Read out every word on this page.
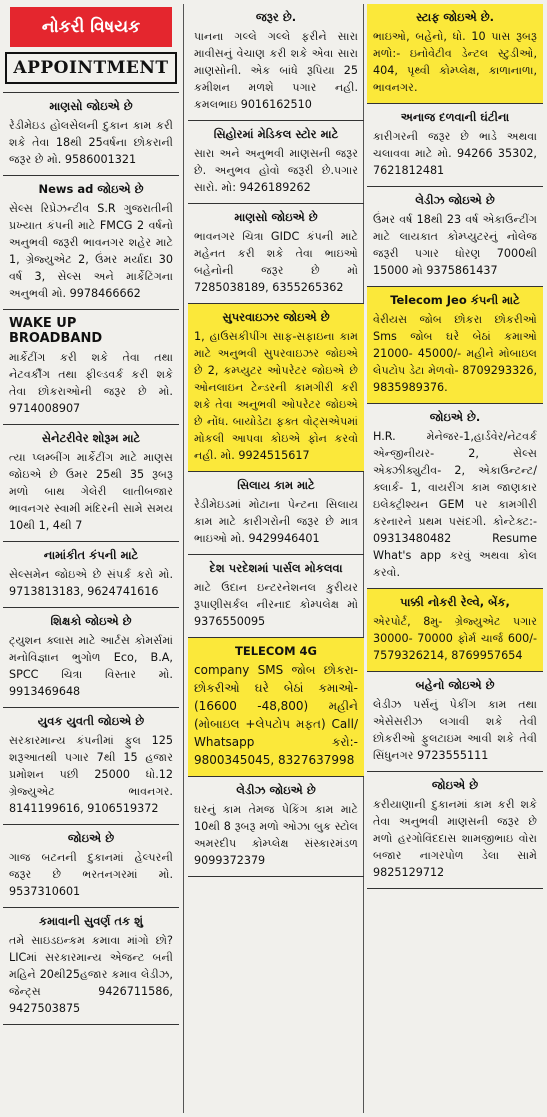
નોકરી વિષયક
APPOINTMENT
માણસો જોઇએ છે
રેડીમેઇડ હોલસેલની દુકાન કામ કરી શકે તેવા 18થી 25વર્ષના છોકરાની જરૂર છે મો. 9586001321
News ad જોઇએ છે
સેલ્સ રિપ્રેઝન્ટીવ S.R ગુજરાતીની પ્રખ્યાત કંપની માટે FMCG 2 વર્ષનો અનુભવી જરૂરી ભાવનગર શહેર માટે 1, ગ્રેજ્યુએટ 2, ઉંમર મર્યાદા 30 વર્ષ 3, સેલ્સ અને માર્કેટિંગના અનુભવી મો. 9978466662
WAKE UP BROADBAND
માર્કેટીંગ કરી શકે તેવા તથા નેટવર્કીંગ તથા ફીલ્ડવર્ક કરી શકે તેવા છોકરાઓની જરૂર છે મો. 9714008907
સેનેટરીવેર શોરૂમ માટે
ત્યા પ્લમ્બીંગ માર્કેટીંગ માટે માણસ જોઇએ છે ઉમર 25થી 35 રૂબરૂ મળો બાથ ગેલેરી લાતીબજાર ભાવનગર સ્વામી મંદિરની સામે સમય 10થી 1, 4થી 7
નામાંકીત કંપની માટે
સેલ્સમેન જોઇએ છે સંપર્ક કરો મો. 9713813183, 9624741616
શિક્ષકો જોઇએ છે
ટ્યુશન ક્લાસ માટે આર્ટસ કોમર્સમાં મનોવિજ્ઞાન ભુગોળ Eco, B.A, SPCC ચિત્રા વિસ્તાર મો. 9913469648
યુવક યુવતી જોઇએ છે
સરકારમાન્ય કંપનીમાં ફુલ 125 શરૂઆતથી પગાર 7થી 15 હજાર પ્રમોશન પછી 25000 ધો.12 ગ્રેજ્યુએટ ભાવનગર. 8141199616, 9106519372
જોઇએ છે
ગાજ બટનની દુકાનમાં હેલ્પરની જરૂર છે ભરતનગરમાં મો. 9537310601
કમાવાની સુવર્ણ તક શું
તમે સાઇડઇન્કમ કમાવા માંગો છો? LICમાં સરકારમાન્ય એજન્ટ બની મહિને 20થી25હજાર કમાવ લેડીઝ, જેન્ટ્સ 9426711586, 9427503875
જરૂર છે.
પાનના ગલ્લે ગલ્લે ફરીને સારા માવીસનું વેચાણ કરી શકે એવા સારા માણસોની. એક બાંધે રૂપિયા 25 કમીશન મળશે પગાર નહી. કમલભાઇ 9016162510
સિહોરમાં મેડિકલ સ્ટોર માટે
સારા અને અનુભવી માણસની જરૂર છે. અનુભવ હોવો જરૂરી છે.પગાર સારો. મો: 9426189262
માણસો જોઇએ છે
ભાવનગર ચિત્રા GIDC કંપની માટે મહેનત કરી શકે તેવા ભાઇઓ બહેનોની જરૂર છે મો 7285038189, 6355265362
સુપરવાઇઝર જોઇએ છે
1, હાઉસકીપીંગ સાફ-સફાઇના કામ માટે અનુભવી સુપરવાઇઝર જોઇએ છે 2, કમ્પ્યુટર ઓપરેટર જોઇએ છે ઓનલાઇન ટેન્ડરની કામગીરી કરી શકે તેવા અનુભવી ઓપરેટર જોઇએ છે નોંધ. બાયોડેટા ફક્ત વોટ્સએપમાં મોકલી આપવા કોઇએ ફોન કરવો નહી. મો. 9924515617
સિલાય કામ માટે
રેડીમેઇડમાં મોટાના પેન્ટના સિલાય કામ માટે કારીગરોની જરૂર છે માત્ર ભાઇઓ મો. 9429946401
દેશ પરદેશમાં પાર્સલ મોકલવા
માટે ઉદાન ઇન્ટરનેશનલ કુરીયર રૂપાણીસર્કલ નીરનાદ કોમ્પલેક્ષ મો 9376550095
TELECOM 4G
company SMS જોબ છોકરા- છોકરીઓ ઘરે બેઠાં કમાઓ- (16600 -48,800) મહીને (મોબાઇલ +લેપટોપ મફત) Call/ Whatsapp કરો:- 9800345045, 8327637998
લેડીઝ જોઇએ છે
ઘરનું કામ તેમજ પેકિંગ કામ માટે 10થી 8 રૂબરૂ મળો ઓઝા બુક સ્ટોલ અમરદીપ કોમ્પ્લેક્ષ સંસ્કારમંડળ 9099372379
સ્ટાફ જોઇએ છે.
ભાઇઓ, બહેનો, ધો. 10 પાસ રૂબરૂ મળો:- ઇનોવેટીવ ડેન્ટલ સ્ટુડીઓ, 404, પૃથ્વી કોમ્પ્લેક્ષ, કાળાનાળા, ભાવનગર.
અનાજ દળવાની ઘંટીના
કારીગરની જરૂર છે ભાડે અથવા ચલાવવા માટે મો. 94266 35302, 7621812481
લેડીઝ જોઇએ છે
ઉંમર વર્ષ 18થી 23 વર્ષ એકાઉન્ટીંગ માટે લાયકાત કોમ્પ્યુટરનું નોલેજ જરૂરી પગાર ધોરણ 7000થી 15000 મો 9375861437
Telecom Jeo કંપની માટે
વેરીયસ જોબ છોકરા છોકરીઓ Sms જોબ ઘરે બેઠાં કમાઓ 21000- 45000/- મહીને મોબાઇલ લેપટોપ ડેટા મેળવો- 8709293326, 9835989376.
જોઇએ છે.
H.R. મેનેજર-1,હાર્ડવેર/નેટવર્ક એન્જીનીયર- 2, સેલ્સ એક્ઝીક્યુટીવ- 2, એકાઉન્ટન્ટ/ ક્લાર્ક- 1, વાયરીંગ કામ જાણકાર ઇલેક્ટ્રીશ્યન GEM પર કામગીરી કરનારને પ્રથમ પસંદગી. કોન્ટેક્ટ:- 09313480482 Resume What's app કરવું અથવા કોલ કરવો.
પાક્કી નોકરી રેલ્વે, બેંક,
એરપોર્ટ, 8મુ- ગ્રેજ્યુએટ પગાર 30000- 70000 ફોર્મ ચાર્જ 600/- 7579326214, 8769957654
બહેનો જોઇએ છે
લેડીઝ પર્સનું પેકીંગ કામ તથા એસેસરીઝ લગાવી શકે તેવી છોકરીઓ ફુલટાઇમ આવી શકે તેવી સિંધુનગર 9723555111
જોઇએ છે
કરીયાણાની દુકાનમાં કામ કરી શકે તેવા અનુભવી માણસની જરૂર છે મળો હરગોવિંદદાસ શામજીભાઇ વોરા બજાર નાગરપોળ ડેલા સામે 9825129712
